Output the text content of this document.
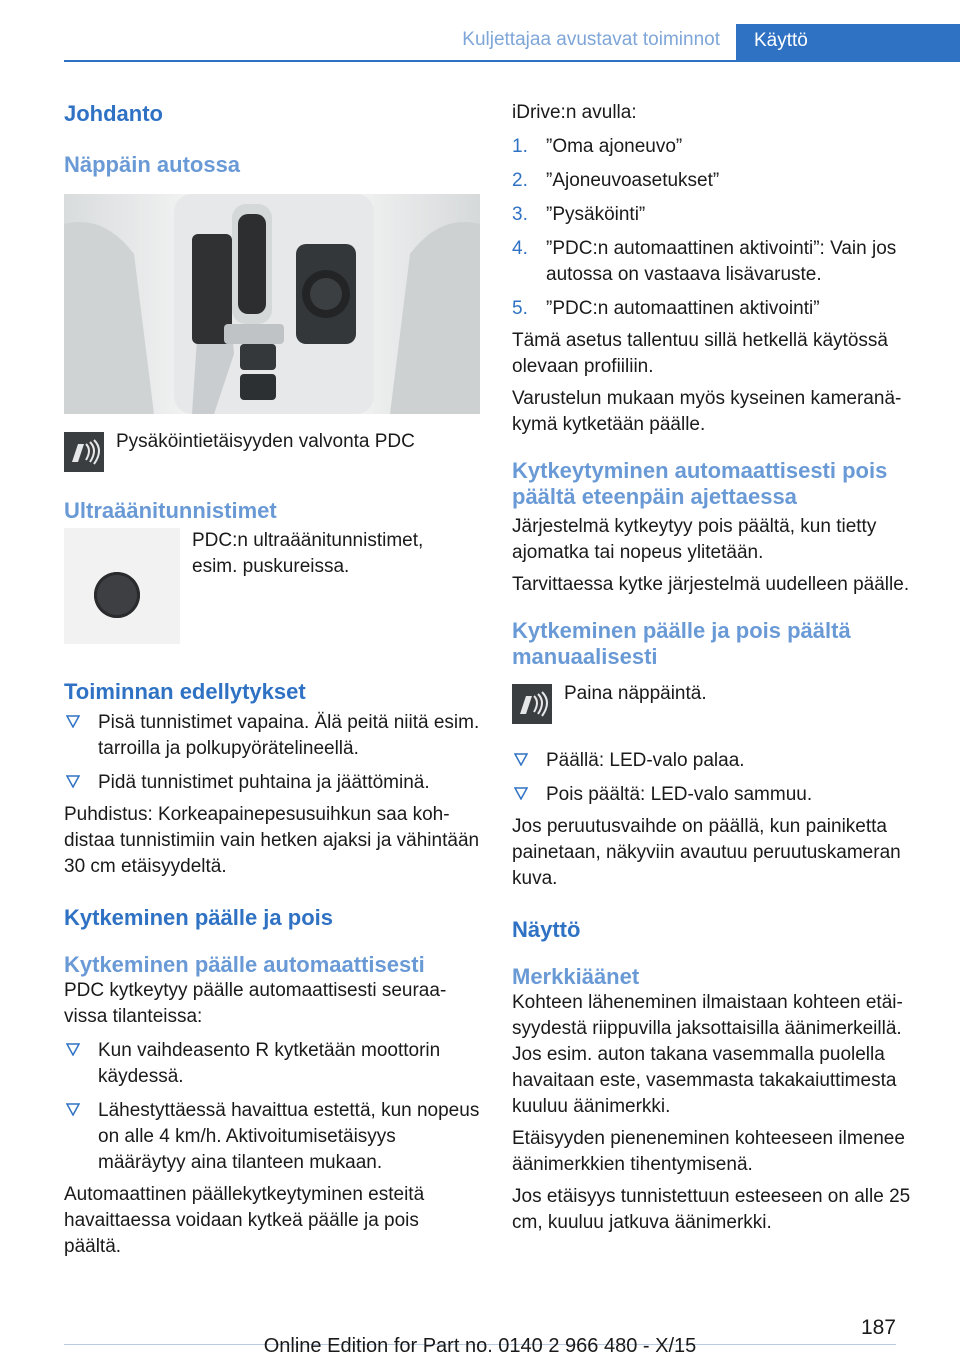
Kuljettajaa avustavat toiminnot	Käyttö
Johdanto
Näppäin autossa

Pysäköintietäisyyden valvonta PDC

Ultraäänitunnistimet

PDC:n ultraäänitunnistimet, esim. puskureissa.

Toiminnan edellytykset
Pisä tunnistimet vapaina. Älä peitä niitä esim. tarroilla ja polkupyörätelineellä.
Pidä tunnistimet puhtaina ja jäättöminä.

Puhdistus: Korkeapainepesusuihkun saa kohdistaa tunnistimiin vain hetken ajaksi ja vähintään 30 cm etäisyydeltä.

Kytkeminen päälle ja pois
Kytkeminen päälle automaattisesti

PDC kytkeytyy päälle automaattisesti seuraavissa tilanteissa:

Kun vaihdeasento R kytketään moottorin käydessä.
Lähestyttäessä havaittua estettä, kun nopeus on alle 4 km/h. Aktivoitumisetäisyys määräytyy aina tilanteen mukaan.

Automaattinen päällekytkeytyminen esteitä havaittaessa voidaan kytkeä päälle ja pois päältä.

iDrive:n avulla:

1. ”Oma ajoneuvo”
2. ”Ajoneuvoasetukset”
3. ”Pysäköinti”
4. ”PDC:n automaattinen aktivointi”: Vain jos autossa on vastaava lisävaruste.
5. ”PDC:n automaattinen aktivointi”

Tämä asetus tallentuu sillä hetkellä käytössä olevaan profiiliin.

Varustelun mukaan myös kyseinen kameranäkymä kytketään päälle.

Kytkeytyminen automaattisesti pois päältä eteenpäin ajettaessa

Järjestelmä kytkeytyy pois päältä, kun tietty ajomatka tai nopeus ylitetään.

Tarvittaessa kytke järjestelmä uudelleen päälle.

Kytkeminen päälle ja pois päältä manuaalisesti

Paina näppäintä.

Päällä: LED-valo palaa.
Pois päältä: LED-valo sammuu.

Jos peruutusvaihde on päällä, kun painiketta painetaan, näkyviin avautuu peruutuskameran kuva.

Näyttö
Merkkiäänet

Kohteen läheneminen ilmaistaan kohteen etäisyydestä riippuvilla jaksottaisilla äänimerkeillä. Jos esim. auton takana vasemmalla puolella havaitaan este, vasemmasta takakaiuttimesta kuuluu äänimerkki.

Etäisyyden pieneneminen kohteeseen ilmenee äänimerkkien tihentymisenä.

Jos etäisyys tunnistettuun esteeseen on alle 25 cm, kuuluu jatkuva äänimerkki.

187
Online Edition for Part no. 0140 2 966 480 - X/15
